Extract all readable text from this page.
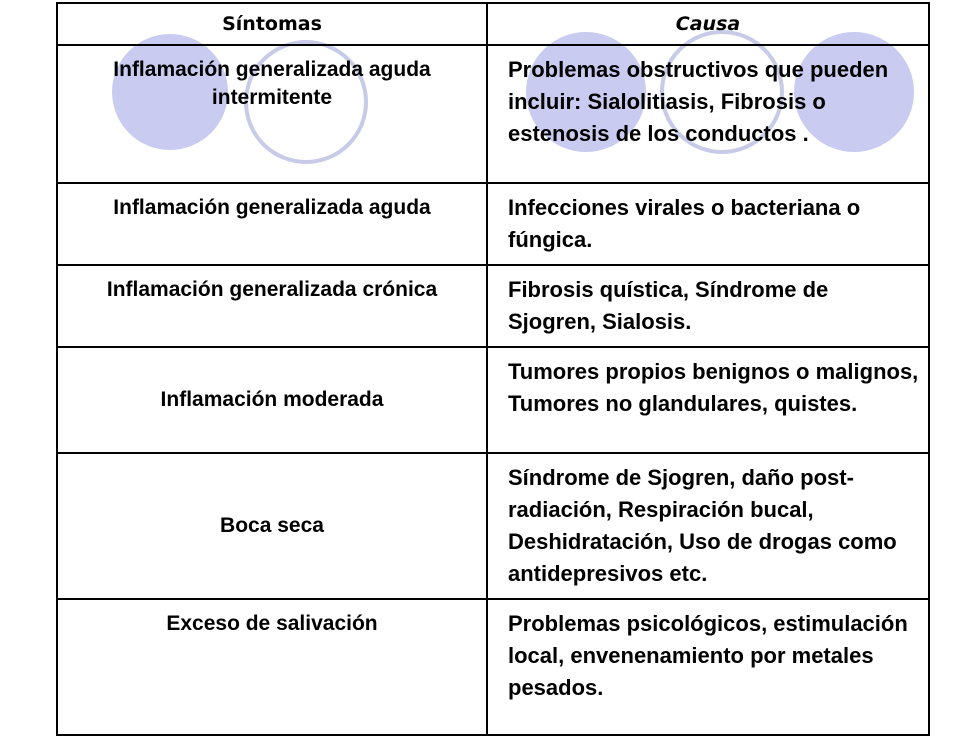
Síntomas	Causa
Inflamación generalizada aguda intermitente	Problemas obstructivos que pueden incluir: Sialolitiasis, Fibrosis o estenosis de los conductos .
Inflamación generalizada aguda	Infecciones virales o bacteriana o fúngica.
Inflamación generalizada crónica	Fibrosis quística, Síndrome de Sjogren, Sialosis.
Inflamación moderada	Tumores propios benignos o malignos, Tumores no glandulares, quistes.
Boca seca	Síndrome de Sjogren, daño post-radiación, Respiración bucal, Deshidratación, Uso de drogas como antidepresivos etc.
Exceso de salivación	Problemas psicológicos, estimulación local, envenenamiento por metales pesados.
